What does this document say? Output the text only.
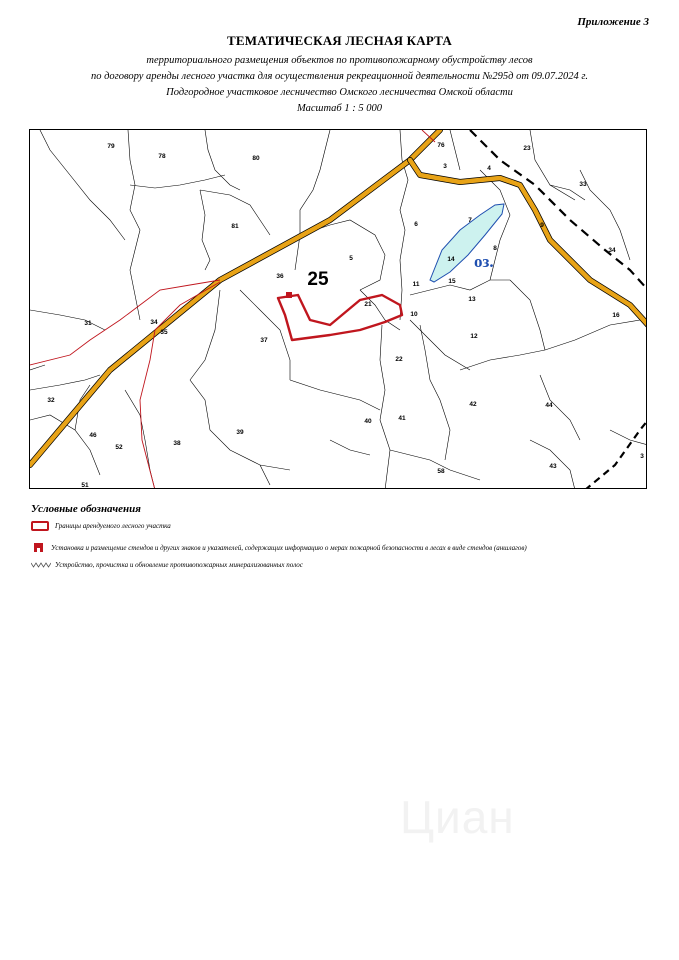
Приложение 3
ТЕМАТИЧЕСКАЯ ЛЕСНАЯ КАРТА
территориального размещения объектов по противопожарному обустройству лесов
по договору аренды лесного участка для осуществления рекреационной деятельности №295д от 09.07.2024 г.
Подгородное участковое лесничество Омского лесничества Омской области
Масштаб 1 : 5 000
25
оз.
79
78	80
76
3	4
23
33
81	6
7
9
14
8	34
36
5
11	15
13
16
31	34
35
37
21
10
12
22
32
42	44
46
52
38
39
40	41
58
43
3
51
Условные обозначения
Границы арендуемого лесного участка
Установка и размещение стендов и других знаков и указателей, содержащих информацию о мерах пожарной безопасности в лесах в виде стендов (аншлагов)
Устройство, прочистка и обновление противопожарных минерализованных полос
Циан
